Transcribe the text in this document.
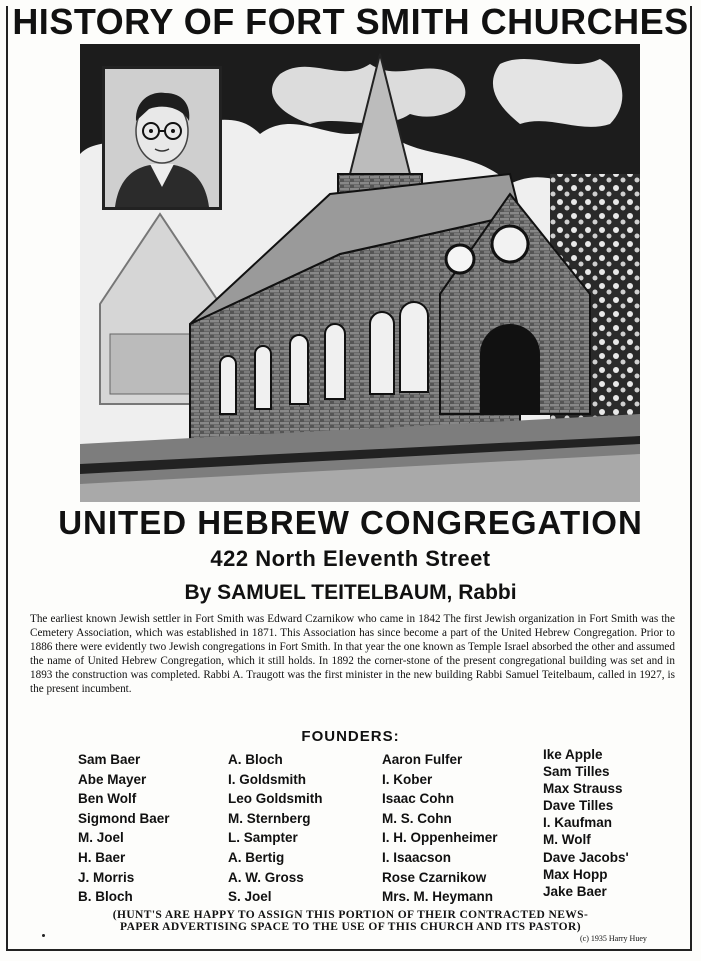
HISTORY OF FORT SMITH CHURCHES
UNITED HEBREW CONGREGATION
422 North Eleventh Street
By SAMUEL TEITELBAUM, Rabbi
The earliest known Jewish settler in Fort Smith was Edward Czarnikow who came in 1842 The first Jewish organization in Fort Smith was the Cemetery Association, which was established in 1871. This Association has since become a part of the United Hebrew Congregation. Prior to 1886 there were evidently two Jewish congregations in Fort Smith. In that year the one known as Temple Israel absorbed the other and assumed the name of United Hebrew Congregation, which it still holds. In 1892 the corner-stone of the present congregational building was set and in 1893 the construction was completed. Rabbi A. Traugott was the first minister in the new building Rabbi Samuel Teitelbaum, called in 1927, is the present incumbent.
FOUNDERS:
Sam Baer
Abe Mayer
Ben Wolf
Sigmond Baer
M. Joel
H. Baer
J. Morris
B. Bloch
A. Bloch
I. Goldsmith
Leo Goldsmith
M. Sternberg
L. Sampter
A. Bertig
A. W. Gross
S. Joel
Aaron Fulfer
I. Kober
Isaac Cohn
M. S. Cohn
I. H. Oppenheimer
I. Isaacson
Rose Czarnikow
Mrs. M. Heymann
Ike Apple
Sam Tilles
Max Strauss
Dave Tilles
I. Kaufman
M. Wolf
Dave Jacobs'
Max Hopp
Jake Baer
(HUNT'S ARE HAPPY TO ASSIGN THIS PORTION OF THEIR CONTRACTED NEWS-
PAPER ADVERTISING SPACE TO THE USE OF THIS CHURCH AND ITS PASTOR)
(c) 1935 Harry Huey
